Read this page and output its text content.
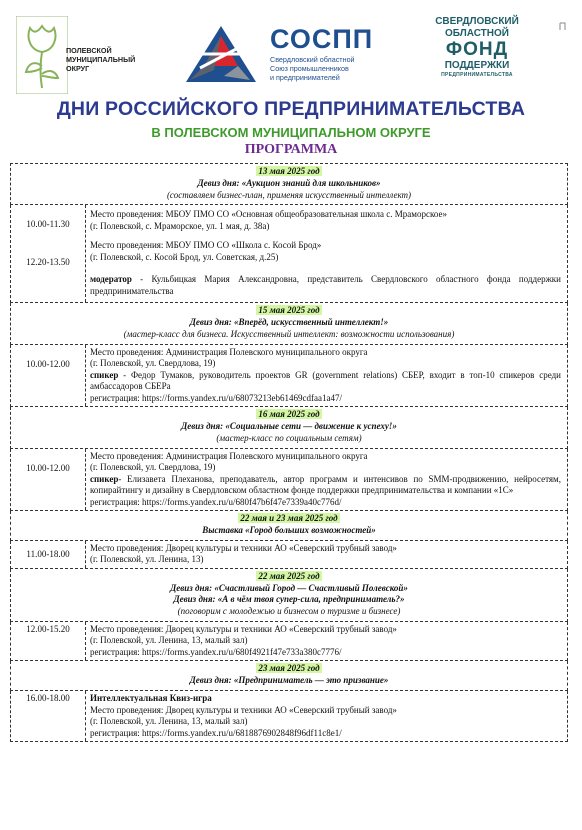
ПОЛЕВСКОЙ
МУНИЦИПАЛЬНЫЙ
ОКРУГ
СОСПП
Свердловский областной
Союз промышленников
и предпринимателей
СВЕРДЛОВСКИЙ
ОБЛАСТНОЙ
ФОНД
ПОДДЕРЖКИ
ПРЕДПРИНИМАТЕЛЬСТВА
ДНИ РОССИЙСКОГО ПРЕДПРИНИМАТЕЛЬСТВА
В ПОЛЕВСКОМ МУНИЦИПАЛЬНОМ ОКРУГЕ
ПРОГРАММА
13 мая 2025 год
Девиз дня: «Аукцион знаний для школьников»
(составляем бизнес-план, применяя искусственный интеллект)
10.00-11.30
12.20-13.50

Место проведения: МБОУ ПМО СО «Основная общеобразовательная школа с. Мраморское»

(г. Полевской, с. Мраморское, ул. 1 мая, д. 38а)

Место проведения: МБОУ ПМО СО «Школа с. Косой Брод»

(г. Полевской, с. Косой Брод, ул. Советская, д.25)

модератор - Кульбицкая Мария Александровна, представитель Свердловского областного фонда поддержки предпринимательства

15 мая 2025 год
Девиз дня: «Вперёд, искусственный интеллект!»
(мастер-класс для бизнеса. Искусственный интеллект: возможности использования)
10.00-12.00

Место проведения: Администрация Полевского муниципального округа

(г. Полевской, ул. Свердлова, 19)

спикер - Федор Тумаков, руководитель проектов GR (government relations) СБЕР, входит в топ-10 спикеров среди амбассадоров СБЕРа

регистрация: https://forms.yandex.ru/u/68073213eb61469cdfaa1a47/

16 мая 2025 год
Девиз дня: «Социальные сети — движение к успеху!»
(мастер-класс по социальным сетям)
10.00-12.00

Место проведения: Администрация Полевского муниципального округа

(г. Полевской, ул. Свердлова, 19)

спикер- Елизавета Плеханова, преподаватель, автор программ и интенсивов по SMM-продвижению, нейросетям, копирайтингу и дизайну в Свердловском областном фонде поддержки предпринимательства и компании «1С»

регистрация: https://forms.yandex.ru/u/680f47b6f47e7339a40c776d/

22 мая и 23 мая 2025 год
Выставка «Город больших возможностей»
11.00-18.00

Место проведения: Дворец культуры и техники АО «Северский трубный завод»

(г. Полевской, ул. Ленина, 13)

22 мая 2025 год
Девиз дня: «Счастливый Город — Счастливый Полевской»
Девиз дня: «А в чём твоя супер-сила, предприниматель?»
(поговорим с молодежью и бизнесом о туризме и бизнесе)
12.00-15.20	Место проведения: Дворец культуры и техники АО «Северский трубный завод»

(г. Полевской, ул. Ленина, 13, малый зал)

регистрация: https://forms.yandex.ru/u/680f4921f47e733a380c7776/

23 мая 2025 год
Девиз дня: «Предприниматель — это призвание»
16.00-18.00	Интеллектуальная Квиз-игра

Место проведения: Дворец культуры и техники АО «Северский трубный завод»

(г. Полевской, ул. Ленина, 13, малый зал)

регистрация: https://forms.yandex.ru/u/6818876902848f96df11c8e1/
